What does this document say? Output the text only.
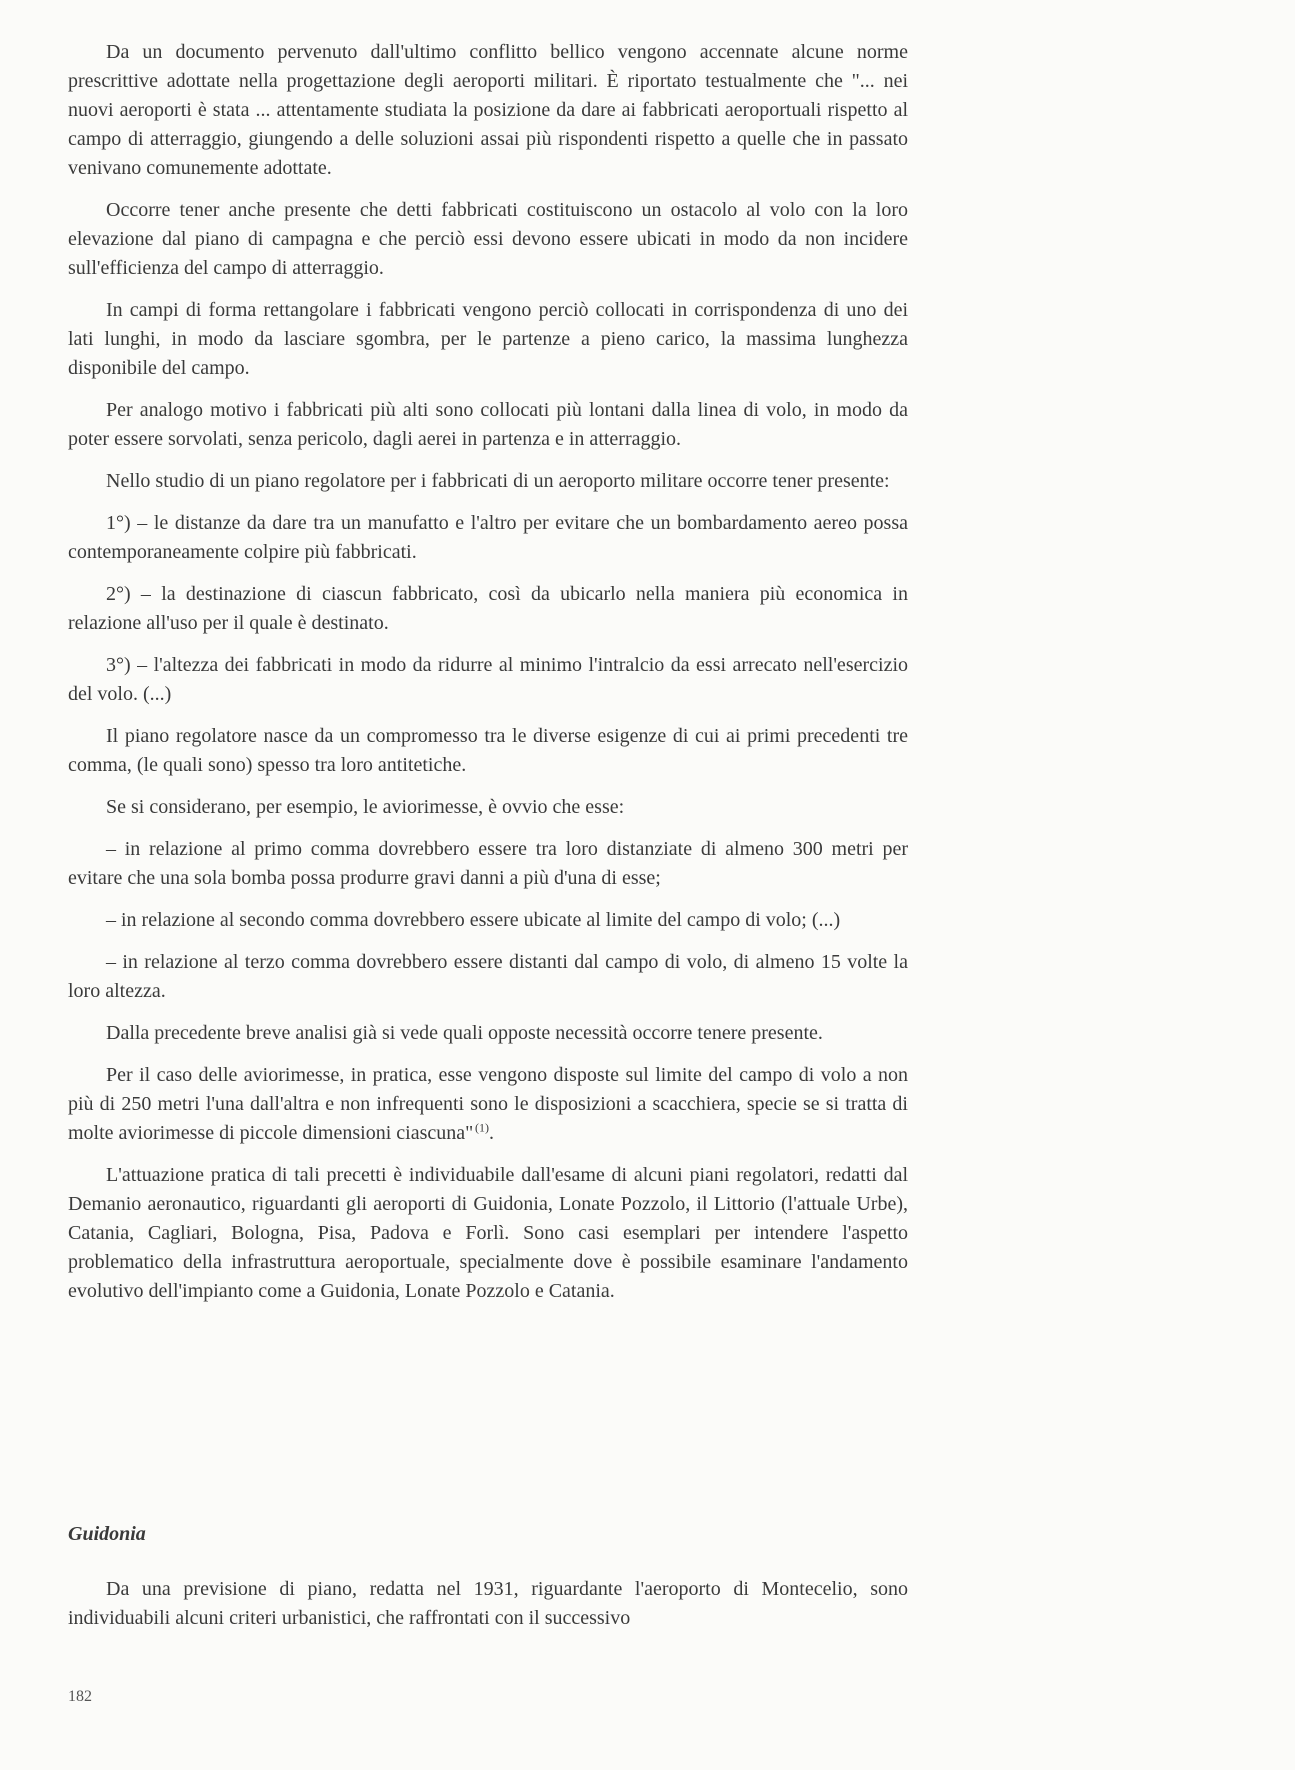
Da un documento pervenuto dall'ultimo conflitto bellico vengono accennate alcune norme prescrittive adottate nella progettazione degli aeroporti militari. È riportato testualmente che "... nei nuovi aeroporti è stata ... attentamente studiata la posizione da dare ai fabbricati aeroportuali rispetto al campo di atterraggio, giungendo a delle soluzioni assai più rispondenti rispetto a quelle che in passato venivano comunemente adottate.

Occorre tener anche presente che detti fabbricati costituiscono un ostacolo al volo con la loro elevazione dal piano di campagna e che perciò essi devono essere ubicati in modo da non incidere sull'efficienza del campo di atterraggio.

In campi di forma rettangolare i fabbricati vengono perciò collocati in corrispondenza di uno dei lati lunghi, in modo da lasciare sgombra, per le partenze a pieno carico, la massima lunghezza disponibile del campo.

Per analogo motivo i fabbricati più alti sono collocati più lontani dalla linea di volo, in modo da poter essere sorvolati, senza pericolo, dagli aerei in partenza e in atterraggio.

Nello studio di un piano regolatore per i fabbricati di un aeroporto militare occorre tener presente:

1°) – le distanze da dare tra un manufatto e l'altro per evitare che un bombardamento aereo possa contemporaneamente colpire più fabbricati.

2°) – la destinazione di ciascun fabbricato, così da ubicarlo nella maniera più economica in relazione all'uso per il quale è destinato.

3°) – l'altezza dei fabbricati in modo da ridurre al minimo l'intralcio da essi arrecato nell'esercizio del volo. (...)

Il piano regolatore nasce da un compromesso tra le diverse esigenze di cui ai primi precedenti tre comma, (le quali sono) spesso tra loro antitetiche.

Se si considerano, per esempio, le aviorimesse, è ovvio che esse:

– in relazione al primo comma dovrebbero essere tra loro distanziate di almeno 300 metri per evitare che una sola bomba possa produrre gravi danni a più d'una di esse;

– in relazione al secondo comma dovrebbero essere ubicate al limite del campo di volo; (...)

– in relazione al terzo comma dovrebbero essere distanti dal campo di volo, di almeno 15 volte la loro altezza.

Dalla precedente breve analisi già si vede quali opposte necessità occorre tenere presente.

Per il caso delle aviorimesse, in pratica, esse vengono disposte sul limite del campo di volo a non più di 250 metri l'una dall'altra e non infrequenti sono le disposizioni a scacchiera, specie se si tratta di molte aviorimesse di piccole dimensioni ciascuna"  $^{(1)}$.

L'attuazione pratica di tali precetti è individuabile dall'esame di alcuni piani regolatori, redatti dal Demanio aeronautico, riguardanti gli aeroporti di Guidonia, Lonate Pozzolo, il Littorio (l'attuale Urbe), Catania, Cagliari, Bologna, Pisa, Padova e Forlì. Sono casi esemplari per intendere l'aspetto problematico della infrastruttura aeroportuale, specialmente dove è possibile esaminare l'andamento evolutivo dell'impianto come a Guidonia, Lonate Pozzolo e Catania.

Guidonia

Da una previsione di piano, redatta nel 1931, riguardante l'aeroporto di Montecelio, sono individuabili alcuni criteri urbanistici, che raffrontati con il successivo

182
